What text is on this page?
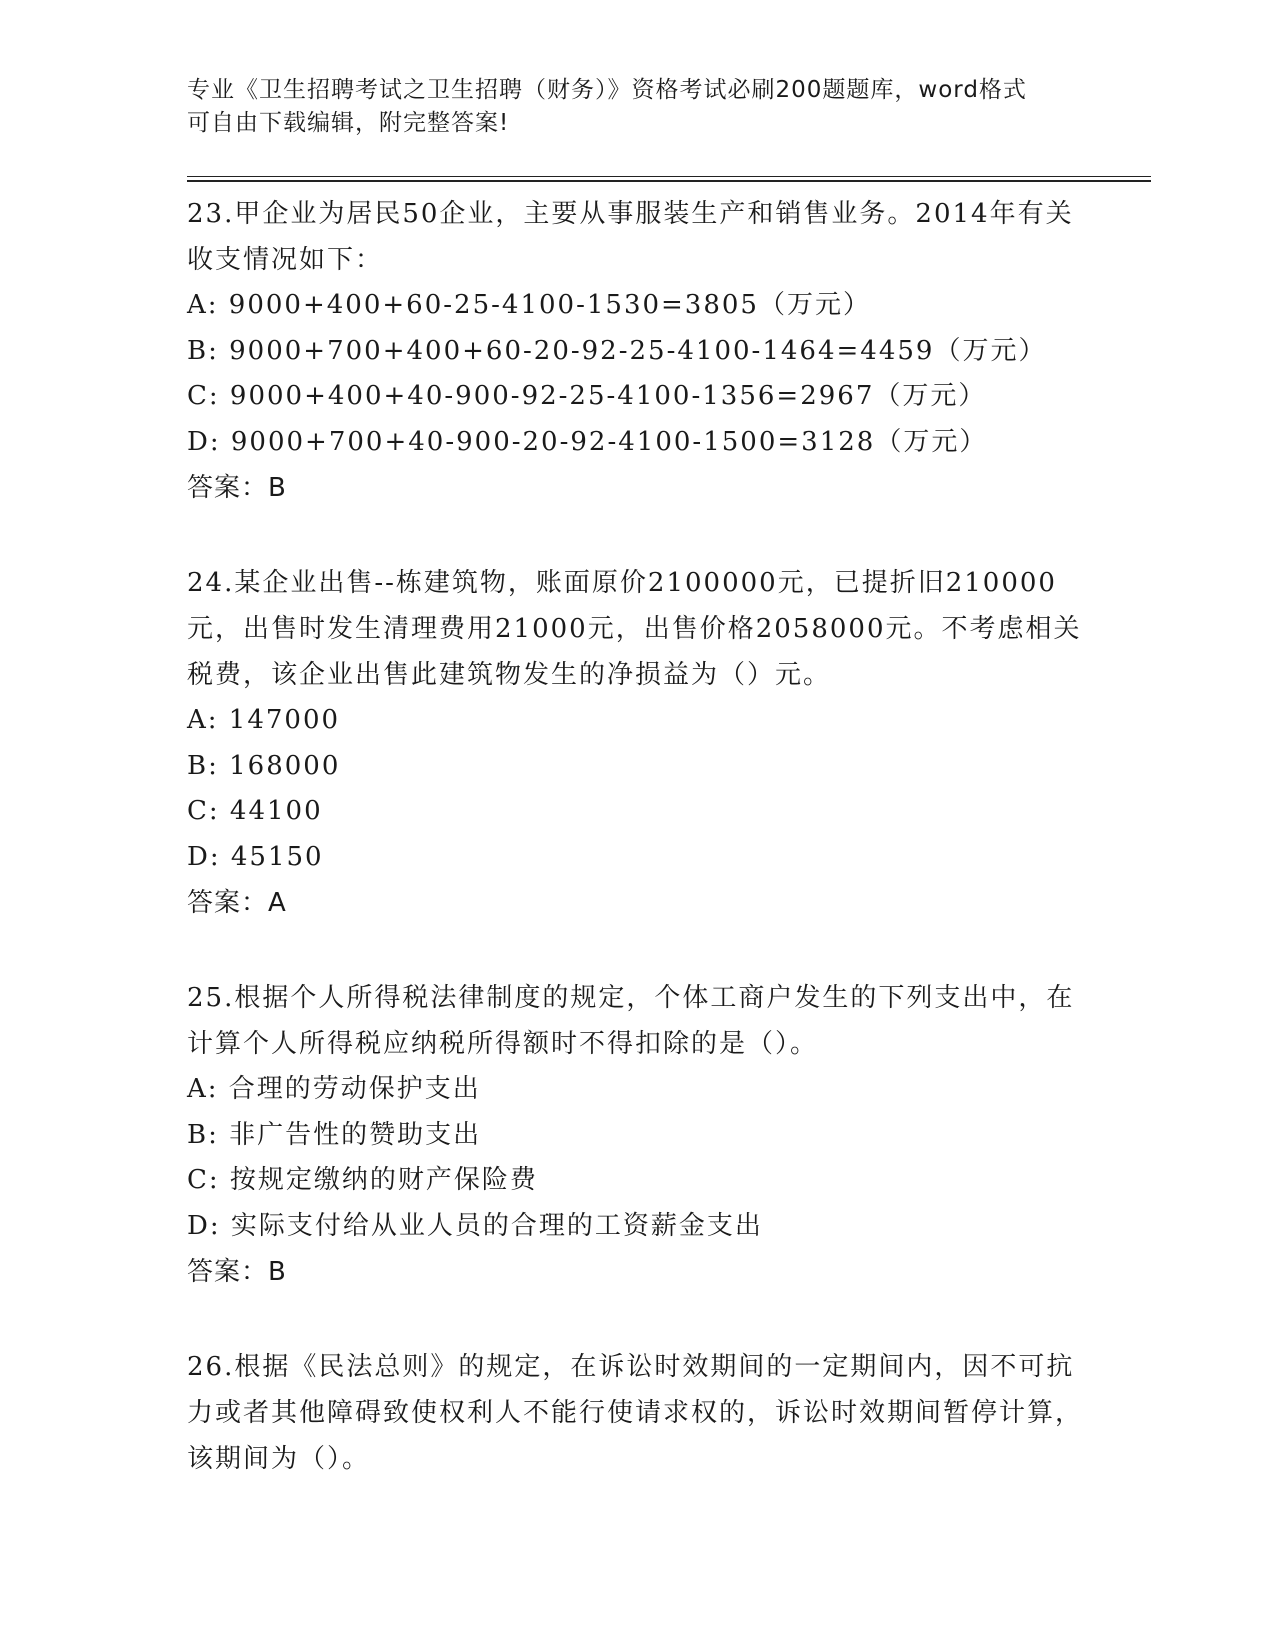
专业《卫生招聘考试之卫生招聘（财务）》资格考试必刷200题题库，word格式
可自由下载编辑，附完整答案!
23.甲企业为居民50企业，主要从事服装生产和销售业务。2014年有关收支情况如下：
A: 9000+400+60-25-4100-1530=3805（万元）
B: 9000+700+400+60-20-92-25-4100-1464=4459（万元）
C: 9000+400+40-900-92-25-4100-1356=2967（万元）
D: 9000+700+40-900-20-92-4100-1500=3128（万元）
答案：B
24.某企业出售--栋建筑物，账面原价2100000元，已提折旧210000元，出售时发生清理费用21000元，出售价格2058000元。不考虑相关税费，该企业出售此建筑物发生的净损益为（）元。
A: 147000
B: 168000
C: 44100
D: 45150
答案：A
25.根据个人所得税法律制度的规定，个体工商户发生的下列支出中，在计算个人所得税应纳税所得额时不得扣除的是（）。
A: 合理的劳动保护支出
B: 非广告性的赞助支出
C: 按规定缴纳的财产保险费
D: 实际支付给从业人员的合理的工资薪金支出
答案：B
26.根据《民法总则》的规定，在诉讼时效期间的一定期间内，因不可抗力或者其他障碍致使权利人不能行使请求权的，诉讼时效期间暂停计算，该期间为（）。
